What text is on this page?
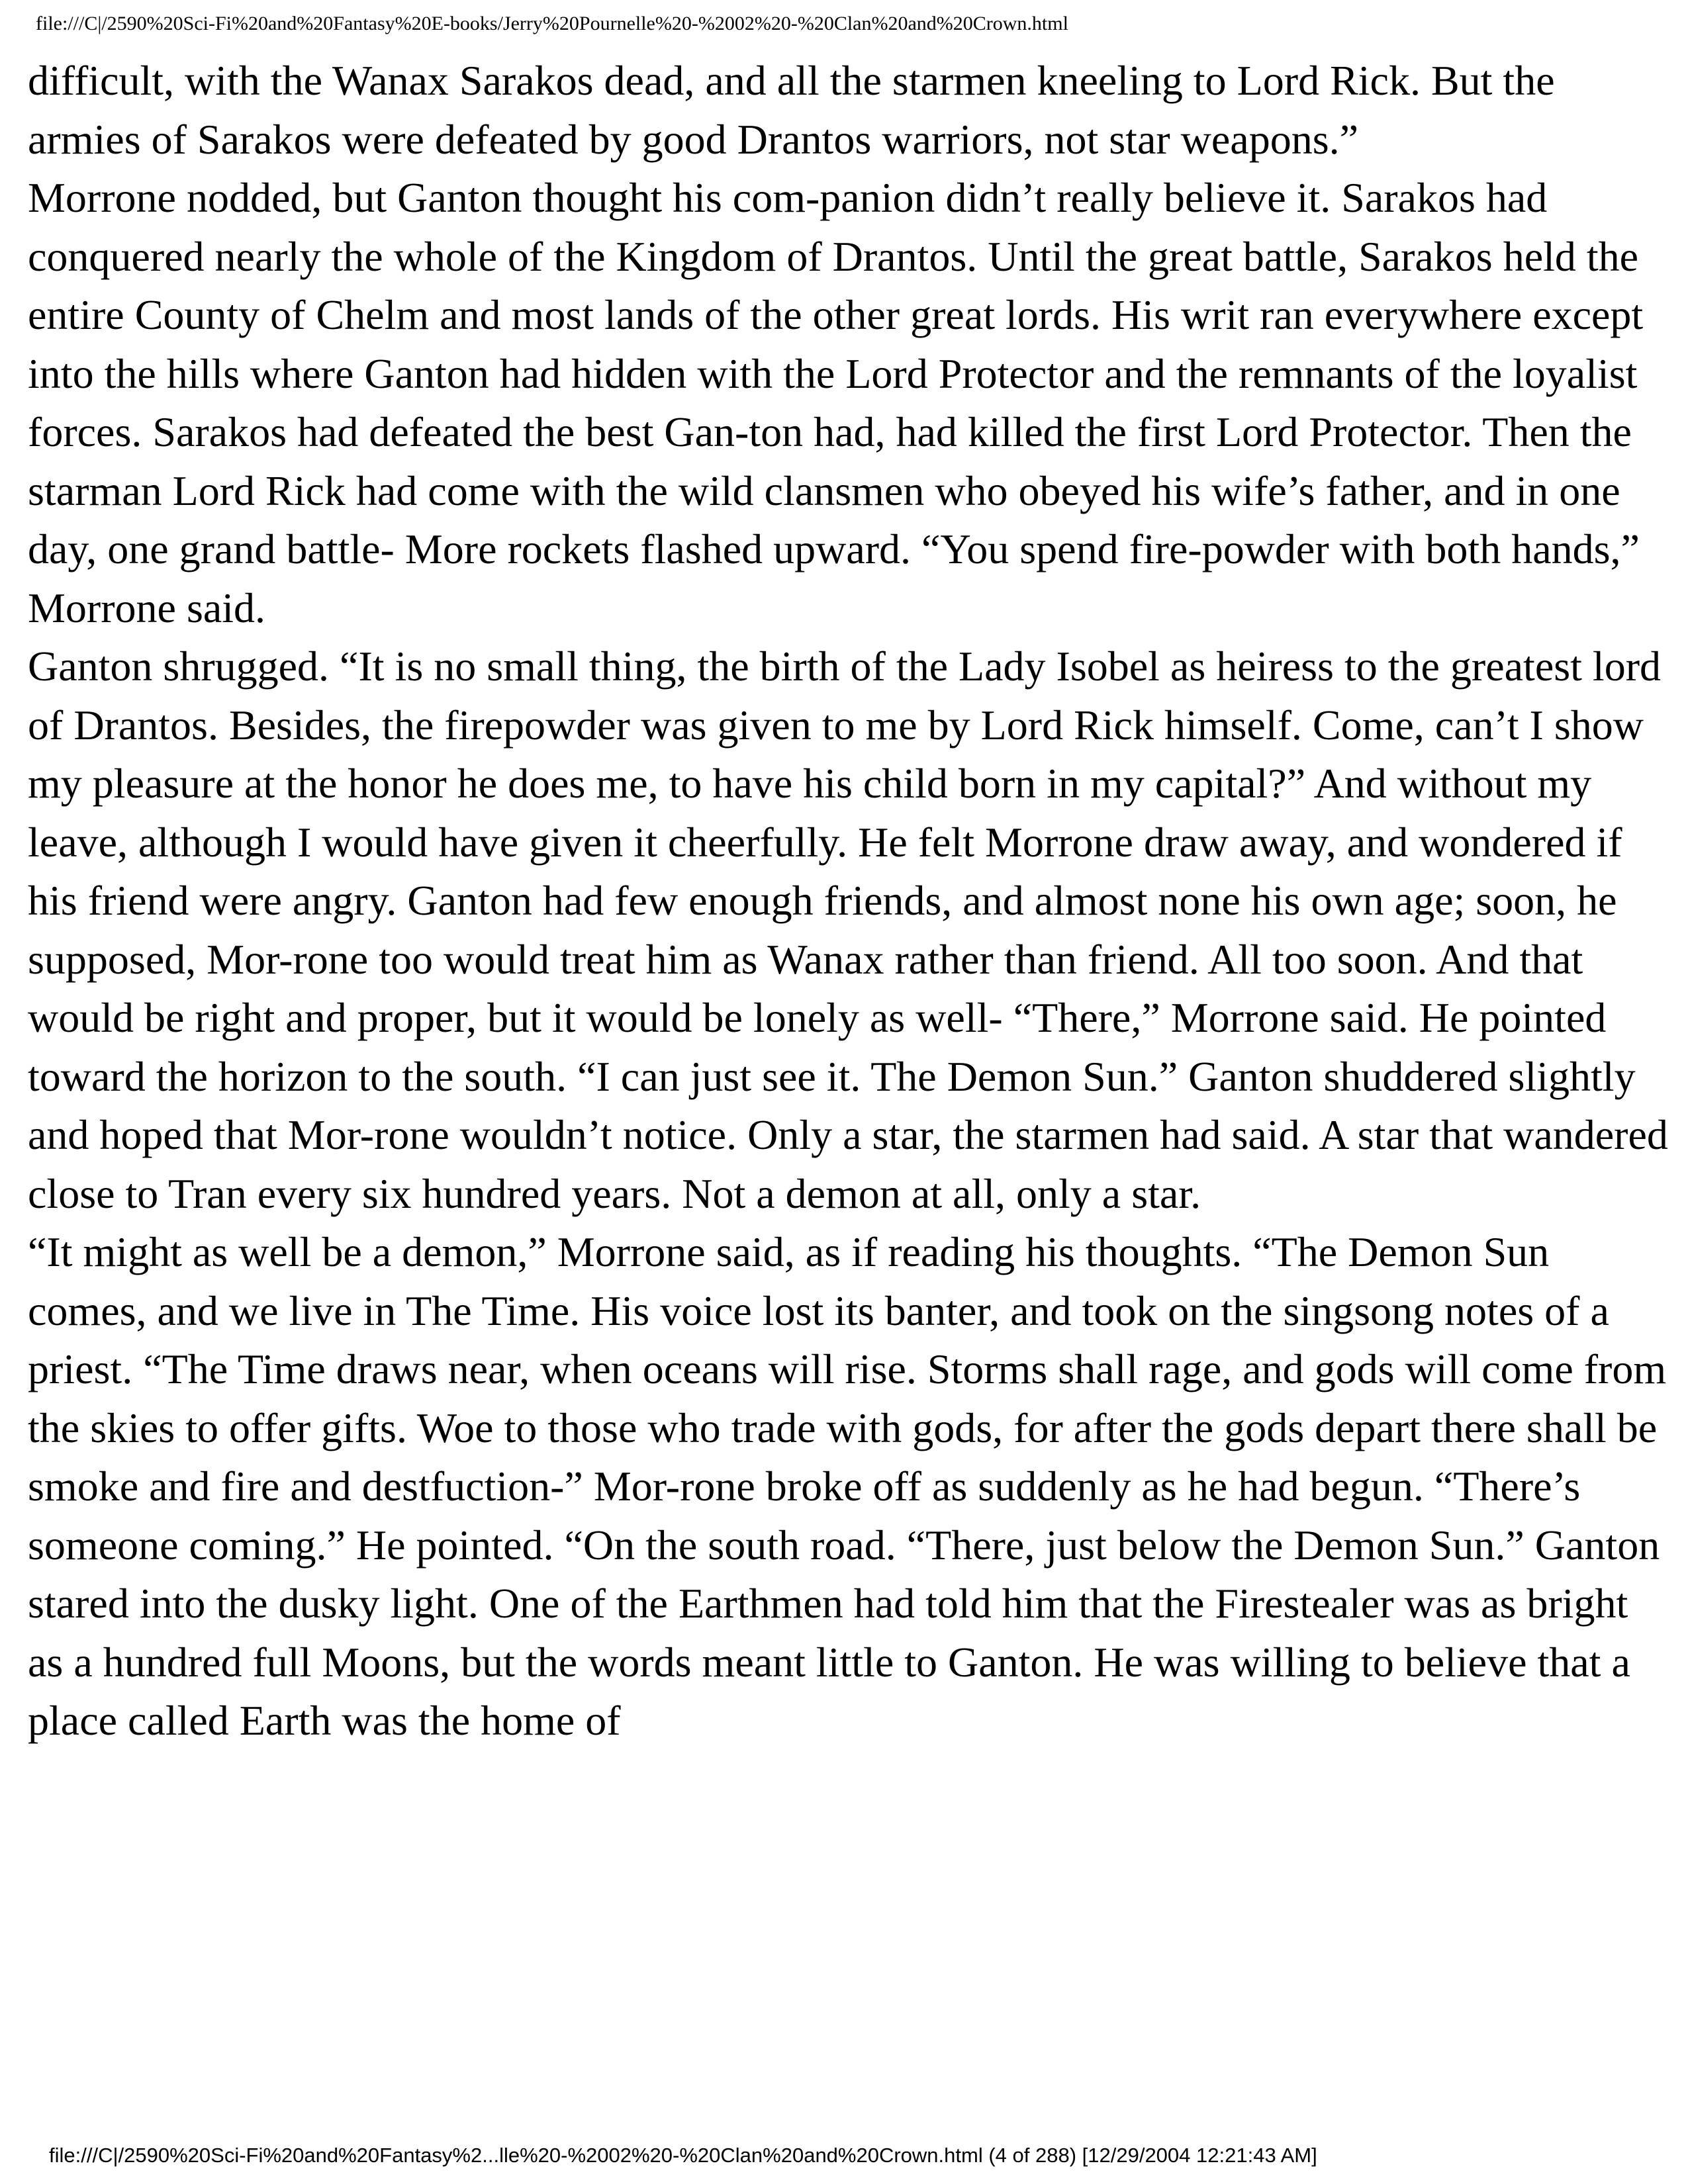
file:///C|/2590%20Sci-Fi%20and%20Fantasy%20E-books/Jerry%20Pournelle%20-%2002%20-%20Clan%20and%20Crown.html

difficult, with the Wanax Sarakos dead, and all the starmen kneeling to Lord Rick. But the armies of Sarakos were defeated by good Drantos warriors, not star weapons.”

Morrone nodded, but Ganton thought his com-panion didn’t really believe it. Sarakos had conquered nearly the whole of the Kingdom of Drantos. Until the great battle, Sarakos held the entire County of Chelm and most lands of the other great lords. His writ ran everywhere except into the hills where Ganton had hidden with the Lord Protector and the remnants of the loyalist forces. Sarakos had defeated the best Gan-ton had, had killed the first Lord Protector. Then the starman Lord Rick had come with the wild clansmen who obeyed his wife’s father, and in one day, one grand battle- More rockets flashed upward. “You spend fire-powder with both hands,” Morrone said.

Ganton shrugged. “It is no small thing, the birth of the Lady Isobel as heiress to the greatest lord of Drantos. Besides, the firepowder was given to me by Lord Rick himself. Come, can’t I show my pleasure at the honor he does me, to have his child born in my capital?” And without my leave, although I would have given it cheerfully. He felt Morrone draw away, and wondered if his friend were angry. Ganton had few enough friends, and almost none his own age; soon, he supposed, Mor-rone too would treat him as Wanax rather than friend. All too soon. And that would be right and proper, but it would be lonely as well- “There,” Morrone said. He pointed toward the horizon to the south. “I can just see it. The Demon Sun.” Ganton shuddered slightly and hoped that Mor-rone wouldn’t notice. Only a star, the starmen had said. A star that wandered close to Tran every six hundred years. Not a demon at all, only a star.

“It might as well be a demon,” Morrone said, as if reading his thoughts. “The Demon Sun comes, and we live in The Time. His voice lost its banter, and took on the singsong notes of a priest. “The Time draws near, when oceans will rise. Storms shall rage, and gods will come from the skies to offer gifts. Woe to those who trade with gods, for after the gods depart there shall be smoke and fire and destfuction-” Mor-rone broke off as suddenly as he had begun. “There’s someone coming.” He pointed. “On the south road. “There, just below the Demon Sun.” Ganton stared into the dusky light. One of the Earthmen had told him that the Firestealer was as bright as a hundred full Moons, but the words meant little to Ganton. He was willing to believe that a place called Earth was the home of

file:///C|/2590%20Sci-Fi%20and%20Fantasy%2...lle%20-%2002%20-%20Clan%20and%20Crown.html (4 of 288) [12/29/2004 12:21:43 AM]
